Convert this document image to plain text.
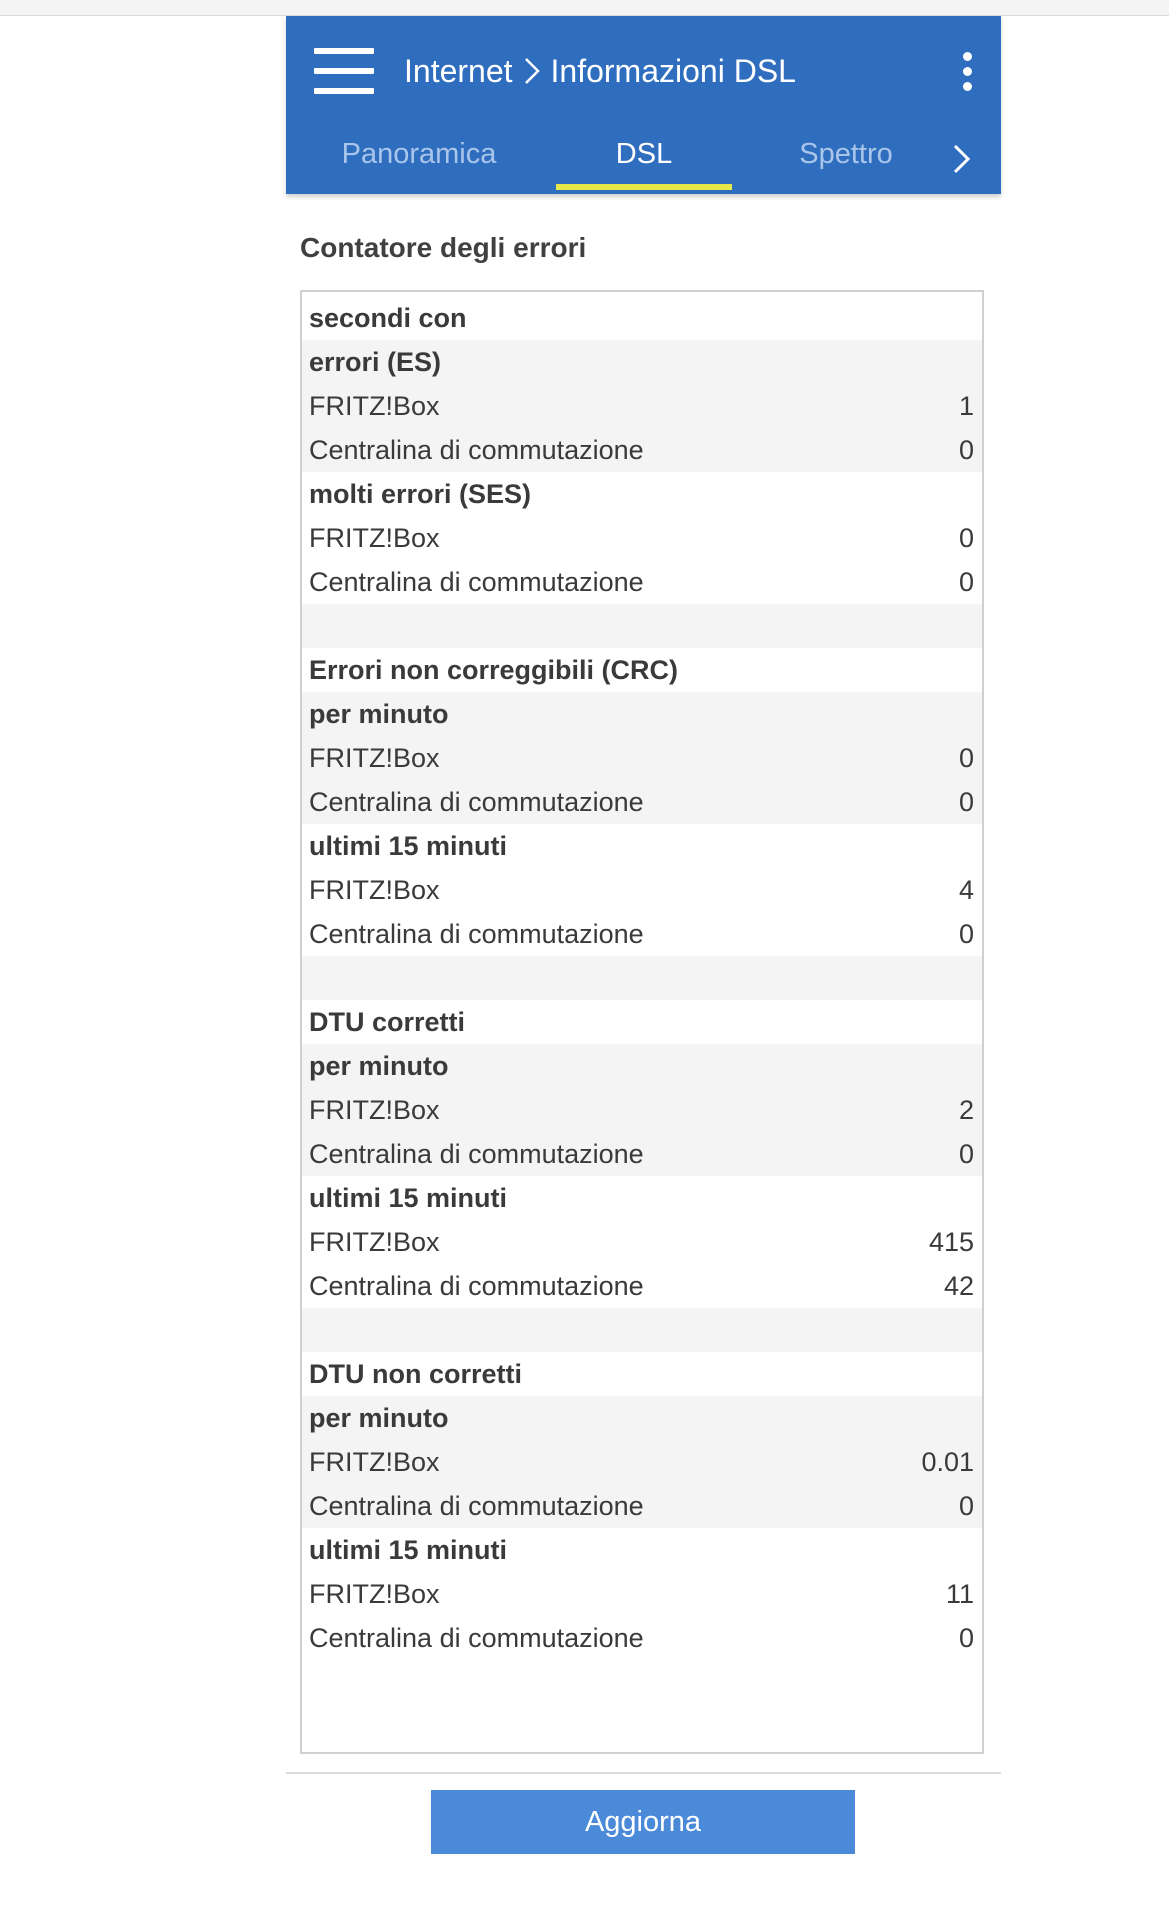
Internet Informazioni DSL
Panoramica	DSL	Spettro
Contatore degli errori
secondi con
errori (ES)
FRITZ!Box	1
Centralina di commutazione	0
molti errori (SES)
FRITZ!Box	0
Centralina di commutazione	0
Errori non correggibili (CRC)
per minuto
FRITZ!Box	0
Centralina di commutazione	0
ultimi 15 minuti
FRITZ!Box	4
Centralina di commutazione	0
DTU corretti
per minuto
FRITZ!Box	2
Centralina di commutazione	0
ultimi 15 minuti
FRITZ!Box	415
Centralina di commutazione	42
DTU non corretti
per minuto
FRITZ!Box	0.01
Centralina di commutazione	0
ultimi 15 minuti
FRITZ!Box	11
Centralina di commutazione	0
Aggiorna
